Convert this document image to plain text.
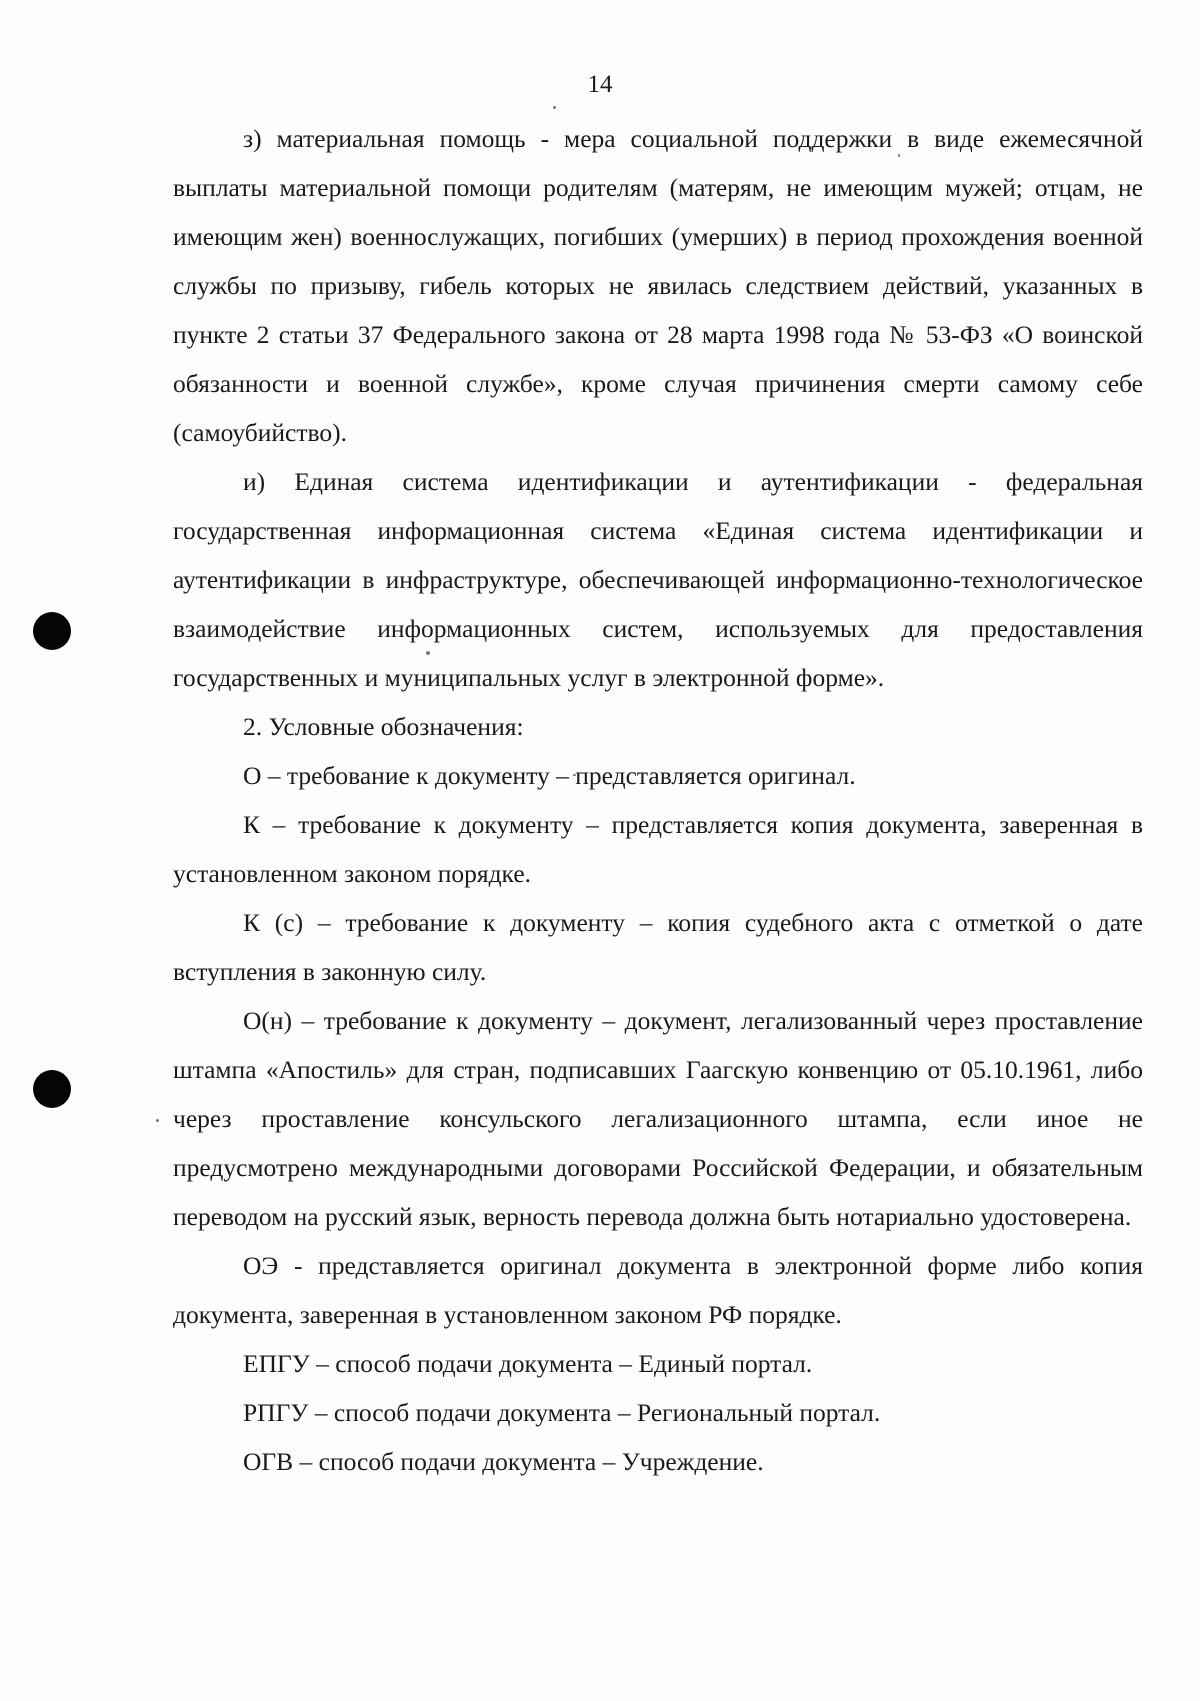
14

з) материальная помощь - мера социальной поддержки в виде ежемесячной выплаты материальной помощи родителям (матерям, не имеющим мужей; отцам, не имеющим жен) военнослужащих, погибших (умерших) в период прохождения военной службы по призыву, гибель которых не явилась следствием действий, указанных в пункте 2 статьи 37 Федерального закона от 28 марта 1998 года № 53-ФЗ «О воинской обязанности и военной службе», кроме случая причинения смерти самому себе (самоубийство).

и) Единая система идентификации и аутентификации - федеральная государственная информационная система «Единая система идентификации и аутентификации в инфраструктуре, обеспечивающей информационно-технологическое взаимодействие информационных систем, используемых для предоставления государственных и муниципальных услуг в электронной форме».

2. Условные обозначения:

О – требование к документу – представляется оригинал.

К – требование к документу – представляется копия документа, заверенная в установленном законом порядке.

К (с) – требование к документу – копия судебного акта с отметкой о дате вступления в законную силу.

О(н) – требование к документу – документ, легализованный через проставление штампа «Апостиль» для стран, подписавших Гаагскую конвенцию от 05.10.1961, либо через проставление консульского легализационного штампа, если иное не предусмотрено международными договорами Российской Федерации, и обязательным переводом на русский язык, верность перевода должна быть нотариально удостоверена.

ОЭ - представляется оригинал документа в электронной форме либо копия документа, заверенная в установленном законом РФ порядке.

ЕПГУ – способ подачи документа – Единый портал.

РПГУ – способ подачи документа – Региональный портал.

ОГВ – способ подачи документа – Учреждение.
